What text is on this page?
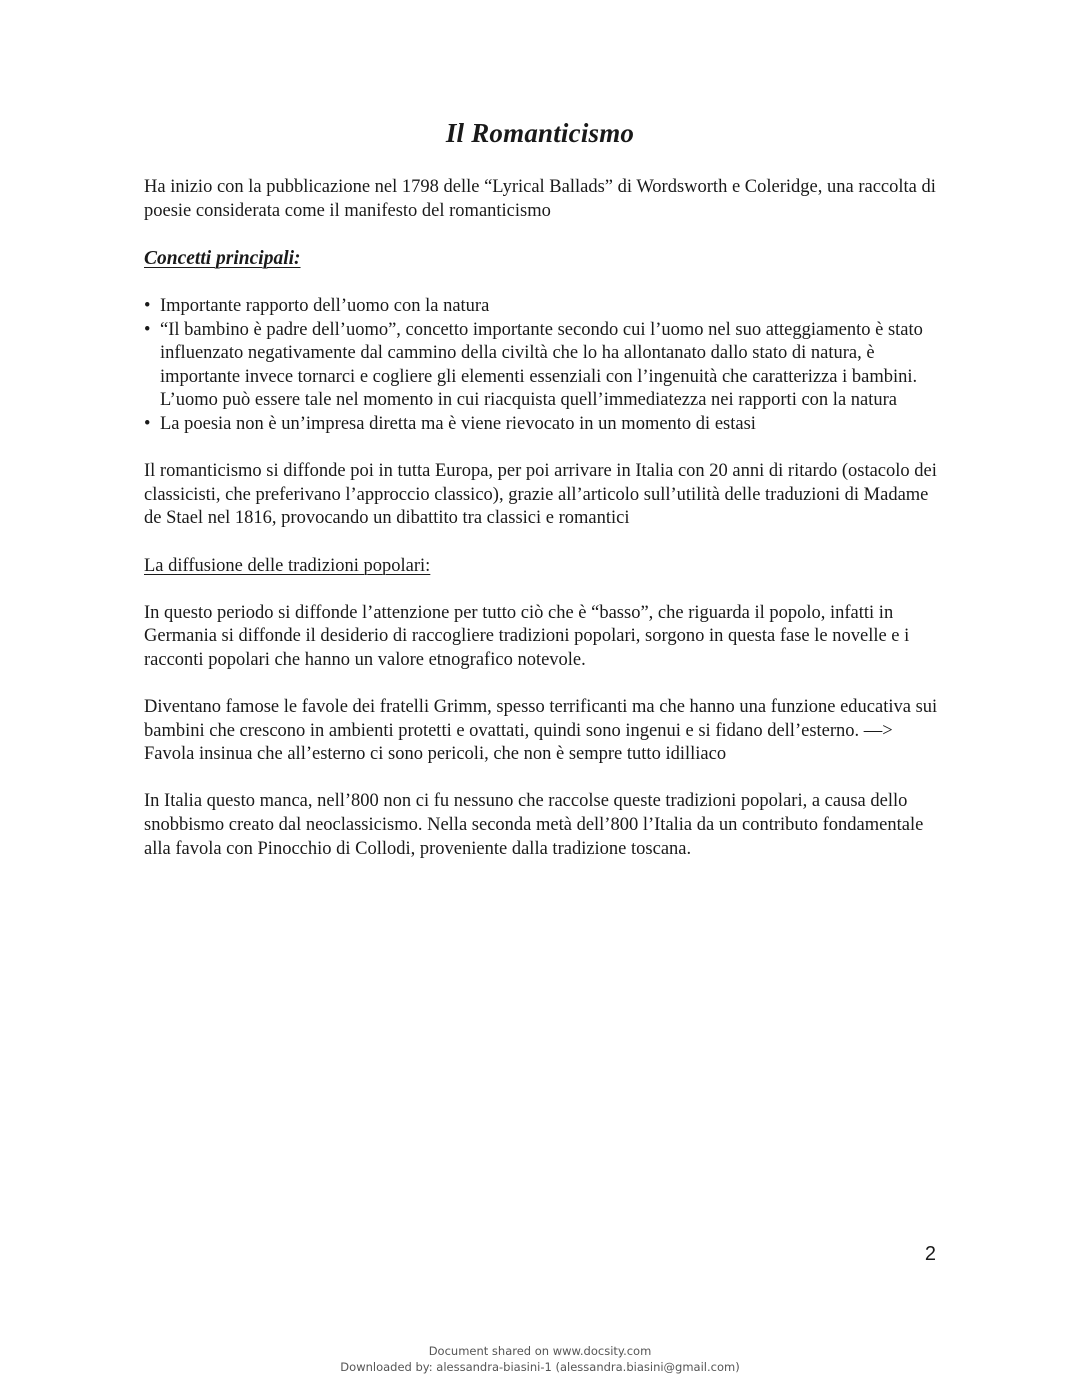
Il Romanticismo

Ha inizio con la pubblicazione nel 1798 delle “Lyrical Ballads” di Wordsworth e Coleridge, una raccolta di poesie considerata come il manifesto del romanticismo

Concetti principali:

• Importante rapporto dell’uomo con la natura
• “Il bambino è padre dell’uomo”, concetto importante secondo cui l’uomo nel suo atteggiamento è stato influenzato negativamente dal cammino della civiltà che lo ha allontanato dallo stato di natura, è importante invece tornarci e cogliere gli elementi essenziali con l’ingenuità che caratterizza i bambini. L’uomo può essere tale nel momento in cui riacquista quell’immediatezza nei rapporti con la natura
• La poesia non è un’impresa diretta ma è viene rievocato in un momento di estasi

Il romanticismo si diffonde poi in tutta Europa, per poi arrivare in Italia con 20 anni di ritardo (ostacolo dei classicisti, che preferivano l’approccio classico), grazie all’articolo sull’utilità delle traduzioni di Madame de Stael nel 1816, provocando un dibattito tra classici e romantici

La diffusione delle tradizioni popolari:

In questo periodo si diffonde l’attenzione per tutto ciò che è “basso”, che riguarda il popolo, infatti in Germania si diffonde il desiderio di raccogliere tradizioni popolari, sorgono in questa fase le novelle e i racconti popolari che hanno un valore etnografico notevole.

Diventano famose le favole dei fratelli Grimm, spesso terrificanti ma che hanno una funzione educativa sui bambini che crescono in ambienti protetti e ovattati, quindi sono ingenui e si fidano dell’esterno. —> Favola insinua che all’esterno ci sono pericoli, che non è sempre tutto idilliaco

In Italia questo manca, nell’800 non ci fu nessuno che raccolse queste tradizioni popolari, a causa dello snobbismo creato dal neoclassicismo. Nella seconda metà dell’800 l’Italia da un contributo fondamentale alla favola con Pinocchio di Collodi, proveniente dalla tradizione toscana.

2
Document shared on www.docsity.com
Downloaded by: alessandra-biasini-1 (alessandra.biasini@gmail.com)
